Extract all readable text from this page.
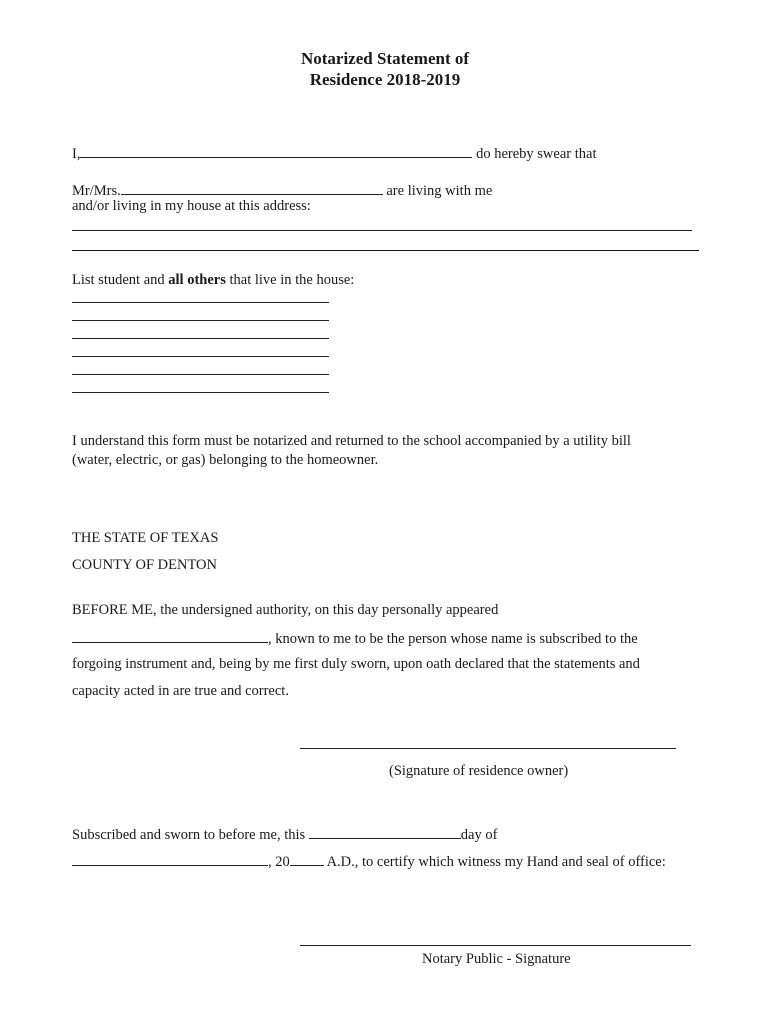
Notarized Statement of
Residence 2018-2019
I,	do hereby swear that
Mr/Mrs.	are living with me
and/or living in my house at this address:
List student and all others that live in the house:
I understand this form must be notarized and returned to the school accompanied by a utility bill
(water, electric, or gas) belonging to the homeowner.
THE STATE OF TEXAS
COUNTY OF DENTON
BEFORE ME, the undersigned authority, on this day personally appeared
, known to me to be the person whose name is subscribed to the
forgoing instrument and, being by me first duly sworn, upon oath declared that the statements and
capacity acted in are true and correct.
(Signature of residence owner)
Subscribed and sworn to before me, this	day of
, 20	A.D., to certify which witness my Hand and seal of office:
Notary Public - Signature
